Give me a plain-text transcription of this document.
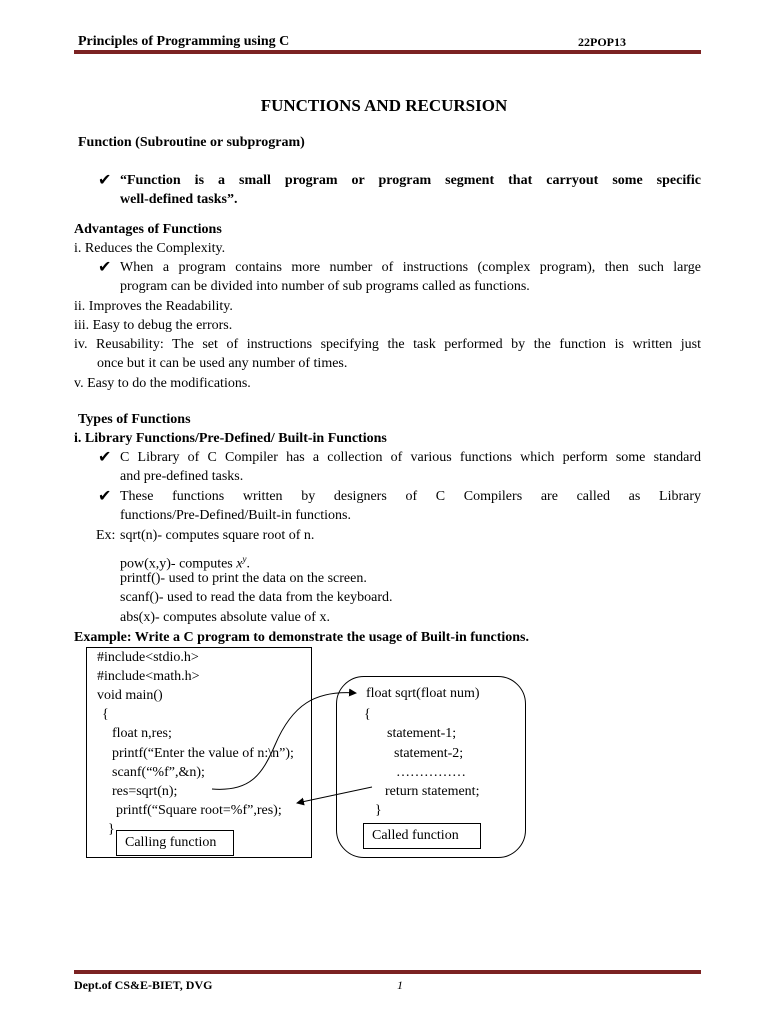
Principles of Programming using C	22POP13
FUNCTIONS AND RECURSION
Function (Subroutine or subprogram)
✔ “Function is a small program or program segment that carryout some specific
well-defined tasks”.
Advantages of Functions
i. Reduces the Complexity.
✔ When a program contains more number of instructions (complex program), then such large
program can be divided into number of sub programs called as functions.
ii. Improves the Readability.
iii. Easy to debug the errors.
iv. Reusability: The set of instructions specifying the task performed by the function is written just
once but it can be used any number of times.
v. Easy to do the modifications.
Types of Functions
i. Library Functions/Pre-Defined/ Built-in Functions
✔ C Library of C Compiler has a collection of various functions which perform some standard
and pre-defined tasks.
✔ These functions written by designers of C Compilers are called as Library
functions/Pre-Defined/Built-in functions.
Ex: sqrt(n)- computes square root of n.
pow(x,y)- computes $x^y$.
printf()- used to print the data on the screen.
scanf()- used to read the data from the keyboard.
abs(x)- computes absolute value of x.
Example: Write a C program to demonstrate the usage of Built-in functions.
#include<stdio.h>
#include<math.h>
void main()
{
float n,res;
printf(“Enter the value of n:\n”);
scanf(“%f”,&n);
res=sqrt(n);
printf(“Square root=%f”,res);
}
Calling function
float sqrt(float num)
{
statement-1;
statement-2;
……………
return statement;
}
Called function
Dept.of CS&E-BIET, DVG	1
